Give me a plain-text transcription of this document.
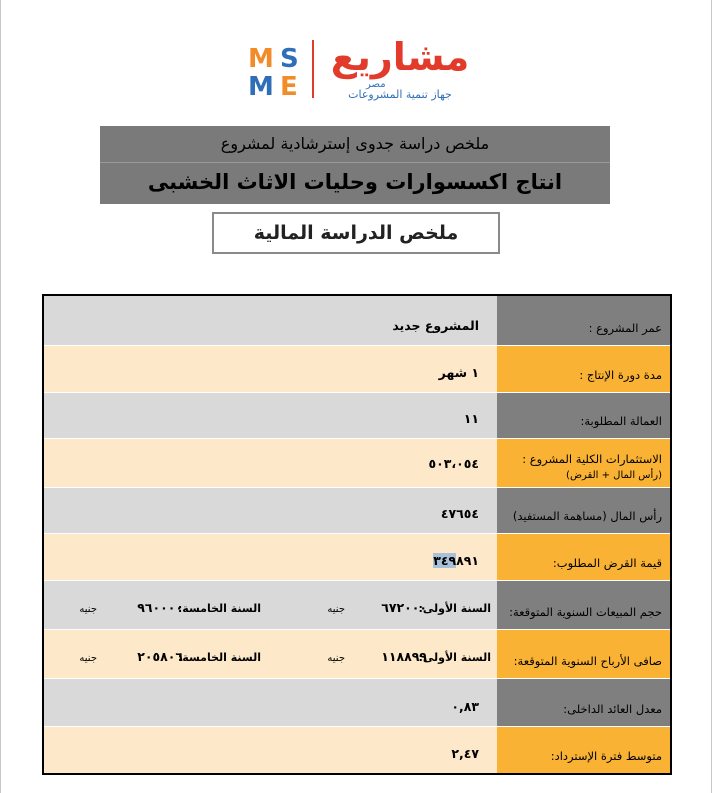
M S
M E
مشاريع
مصر
جهاز تنمية المشروعات
ملخص دراسة جدوى إسترشادية لمشروع
انتاج اكسسوارات وحليات الاثاث الخشبى
ملخص الدراسة المالية
عمر المشروع :
المشروع جديد
مدة دورة الإنتاج :
١ شهر
العمالة المطلوبة:
١١
الاستثمارات الكلية المشروع :
(رأس المال + القرض)
٥٠٣،٠٥٤
رأس المال (مساهمة المستفيد)
٤٧٦٥٤
قيمة القرض المطلوب:
٣٤٩٨٩١
حجم المبيعات السنوية المتوقعة:
السنة الأولى:
٦٧٢٠٠٠
جنيه
السنة الخامسة:
٩٦٠٠٠٠
جنيه
صافى الأرباح السنوية المتوقعة:
السنة الأولى:
١١٨٨٩٩
جنيه
السنة الخامسة:
٢٠٥٨٠٦
جنيه
معدل العائد الداخلى:
٠,٨٣
متوسط فترة الإسترداد:
٢,٤٧
